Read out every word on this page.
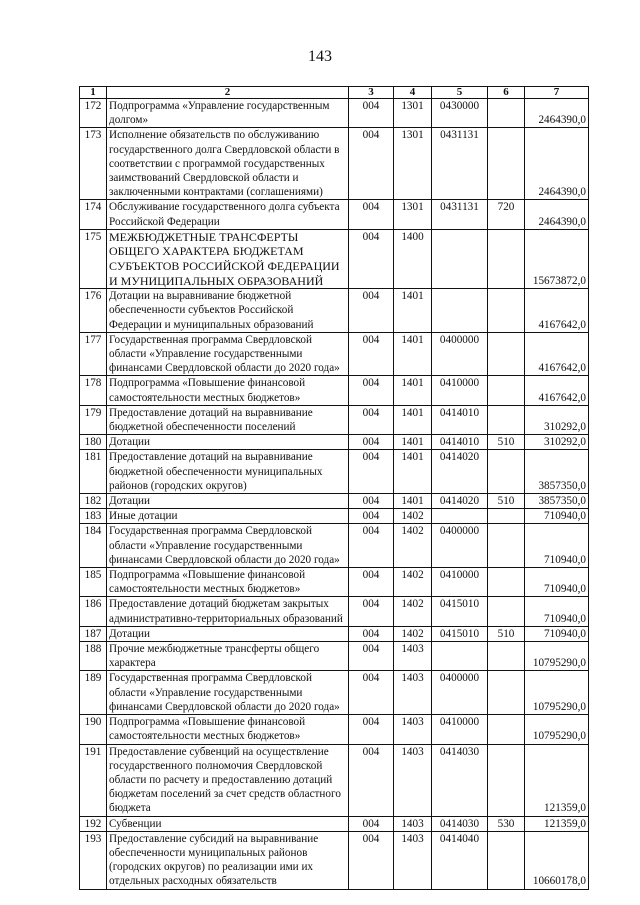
143
1	2	3	4	5	6	7
172	Подпрограмма «Управление государственным долгом»	004	1301	0430000		2464390,0
173	Исполнение обязательств по обслуживанию государственного долга Свердловской области в соответствии с программой государственных заимствований Свердловской области и заключенными контрактами (соглашениями)	004	1301	0431131		2464390,0
174	Обслуживание государственного долга субъекта Российской Федерации	004	1301	0431131	720	2464390,0
175	МЕЖБЮДЖЕТНЫЕ ТРАНСФЕРТЫ ОБЩЕГО ХАРАКТЕРА БЮДЖЕТАМ СУБЪЕКТОВ РОССИЙСКОЙ ФЕДЕРАЦИИ И МУНИЦИПАЛЬНЫХ ОБРАЗОВАНИЙ	004	1400			15673872,0
176	Дотации на выравнивание бюджетной обеспеченности субъектов Российской Федерации и муниципальных образований	004	1401			4167642,0
177	Государственная программа Свердловской области «Управление государственными финансами Свердловской области до 2020 года»	004	1401	0400000		4167642,0
178	Подпрограмма «Повышение финансовой самостоятельности местных бюджетов»	004	1401	0410000		4167642,0
179	Предоставление дотаций на выравнивание бюджетной обеспеченности поселений	004	1401	0414010		310292,0
180	Дотации	004	1401	0414010	510	310292,0
181	Предоставление дотаций на выравнивание бюджетной обеспеченности муниципальных районов (городских округов)	004	1401	0414020		3857350,0
182	Дотации	004	1401	0414020	510	3857350,0
183	Иные дотации	004	1402			710940,0
184	Государственная программа Свердловской области «Управление государственными финансами Свердловской области до 2020 года»	004	1402	0400000		710940,0
185	Подпрограмма «Повышение финансовой самостоятельности местных бюджетов»	004	1402	0410000		710940,0
186	Предоставление дотаций бюджетам закрытых административно-территориальных образований	004	1402	0415010		710940,0
187	Дотации	004	1402	0415010	510	710940,0
188	Прочие межбюджетные трансферты общего характера	004	1403			10795290,0
189	Государственная программа Свердловской области «Управление государственными финансами Свердловской области до 2020 года»	004	1403	0400000		10795290,0
190	Подпрограмма «Повышение финансовой самостоятельности местных бюджетов»	004	1403	0410000		10795290,0
191	Предоставление субвенций на осуществление государственного полномочия Свердловской области по расчету и предоставлению дотаций бюджетам поселений за счет средств областного бюджета	004	1403	0414030		121359,0
192	Субвенции	004	1403	0414030	530	121359,0
193	Предоставление субсидий на выравнивание обеспеченности муниципальных районов (городских округов) по реализации ими их отдельных расходных обязательств	004	1403	0414040		10660178,0
